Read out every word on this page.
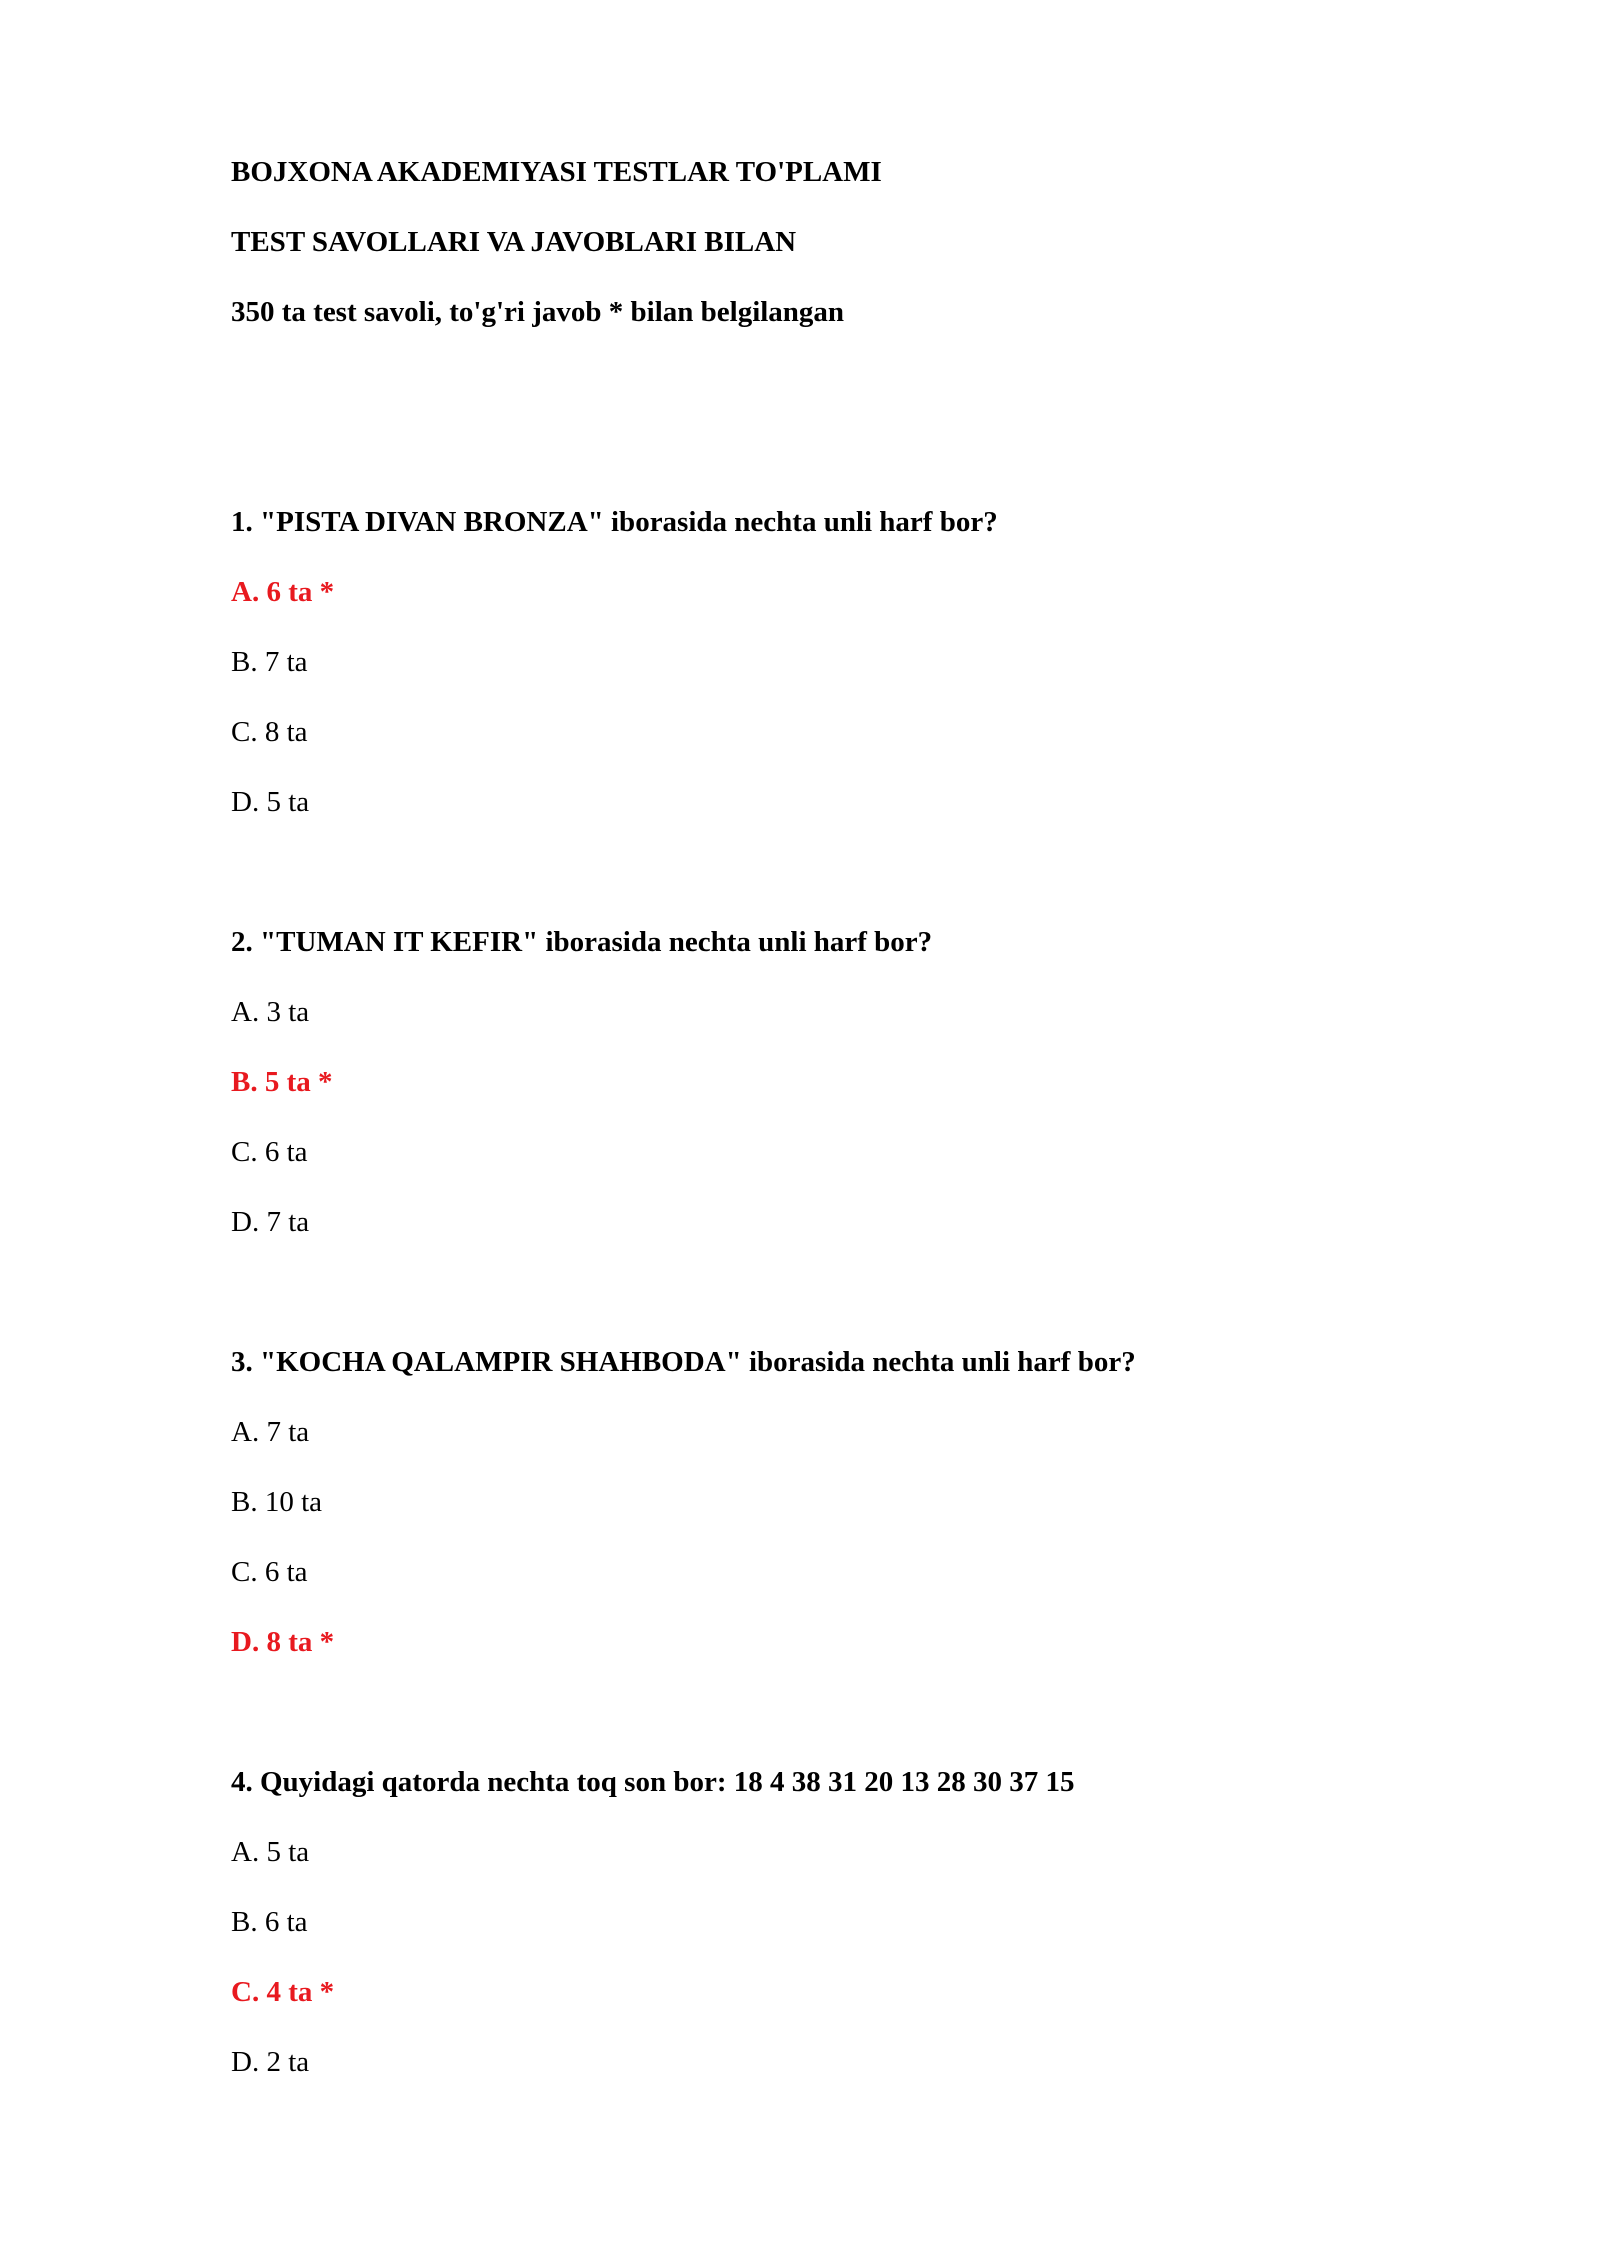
BOJXONA AKADEMIYASI TESTLAR TO'PLAMI
TEST SAVOLLARI VA JAVOBLARI BILAN
350 ta test savoli, to'g'ri javob * bilan belgilangan
1. "PISTA DIVAN BRONZA" iborasida nechta unli harf bor?
A. 6 ta *
B. 7 ta
C. 8 ta
D. 5 ta
2. "TUMAN IT KEFIR" iborasida nechta unli harf bor?
A. 3 ta
B. 5 ta *
C. 6 ta
D. 7 ta
3. "KOCHA QALAMPIR SHAHBODA" iborasida nechta unli harf bor?
A. 7 ta
B. 10 ta
C. 6 ta
D. 8 ta *
4. Quyidagi qatorda nechta toq son bor: 18 4 38 31 20 13 28 30 37 15
A. 5 ta
B. 6 ta
C. 4 ta *
D. 2 ta
